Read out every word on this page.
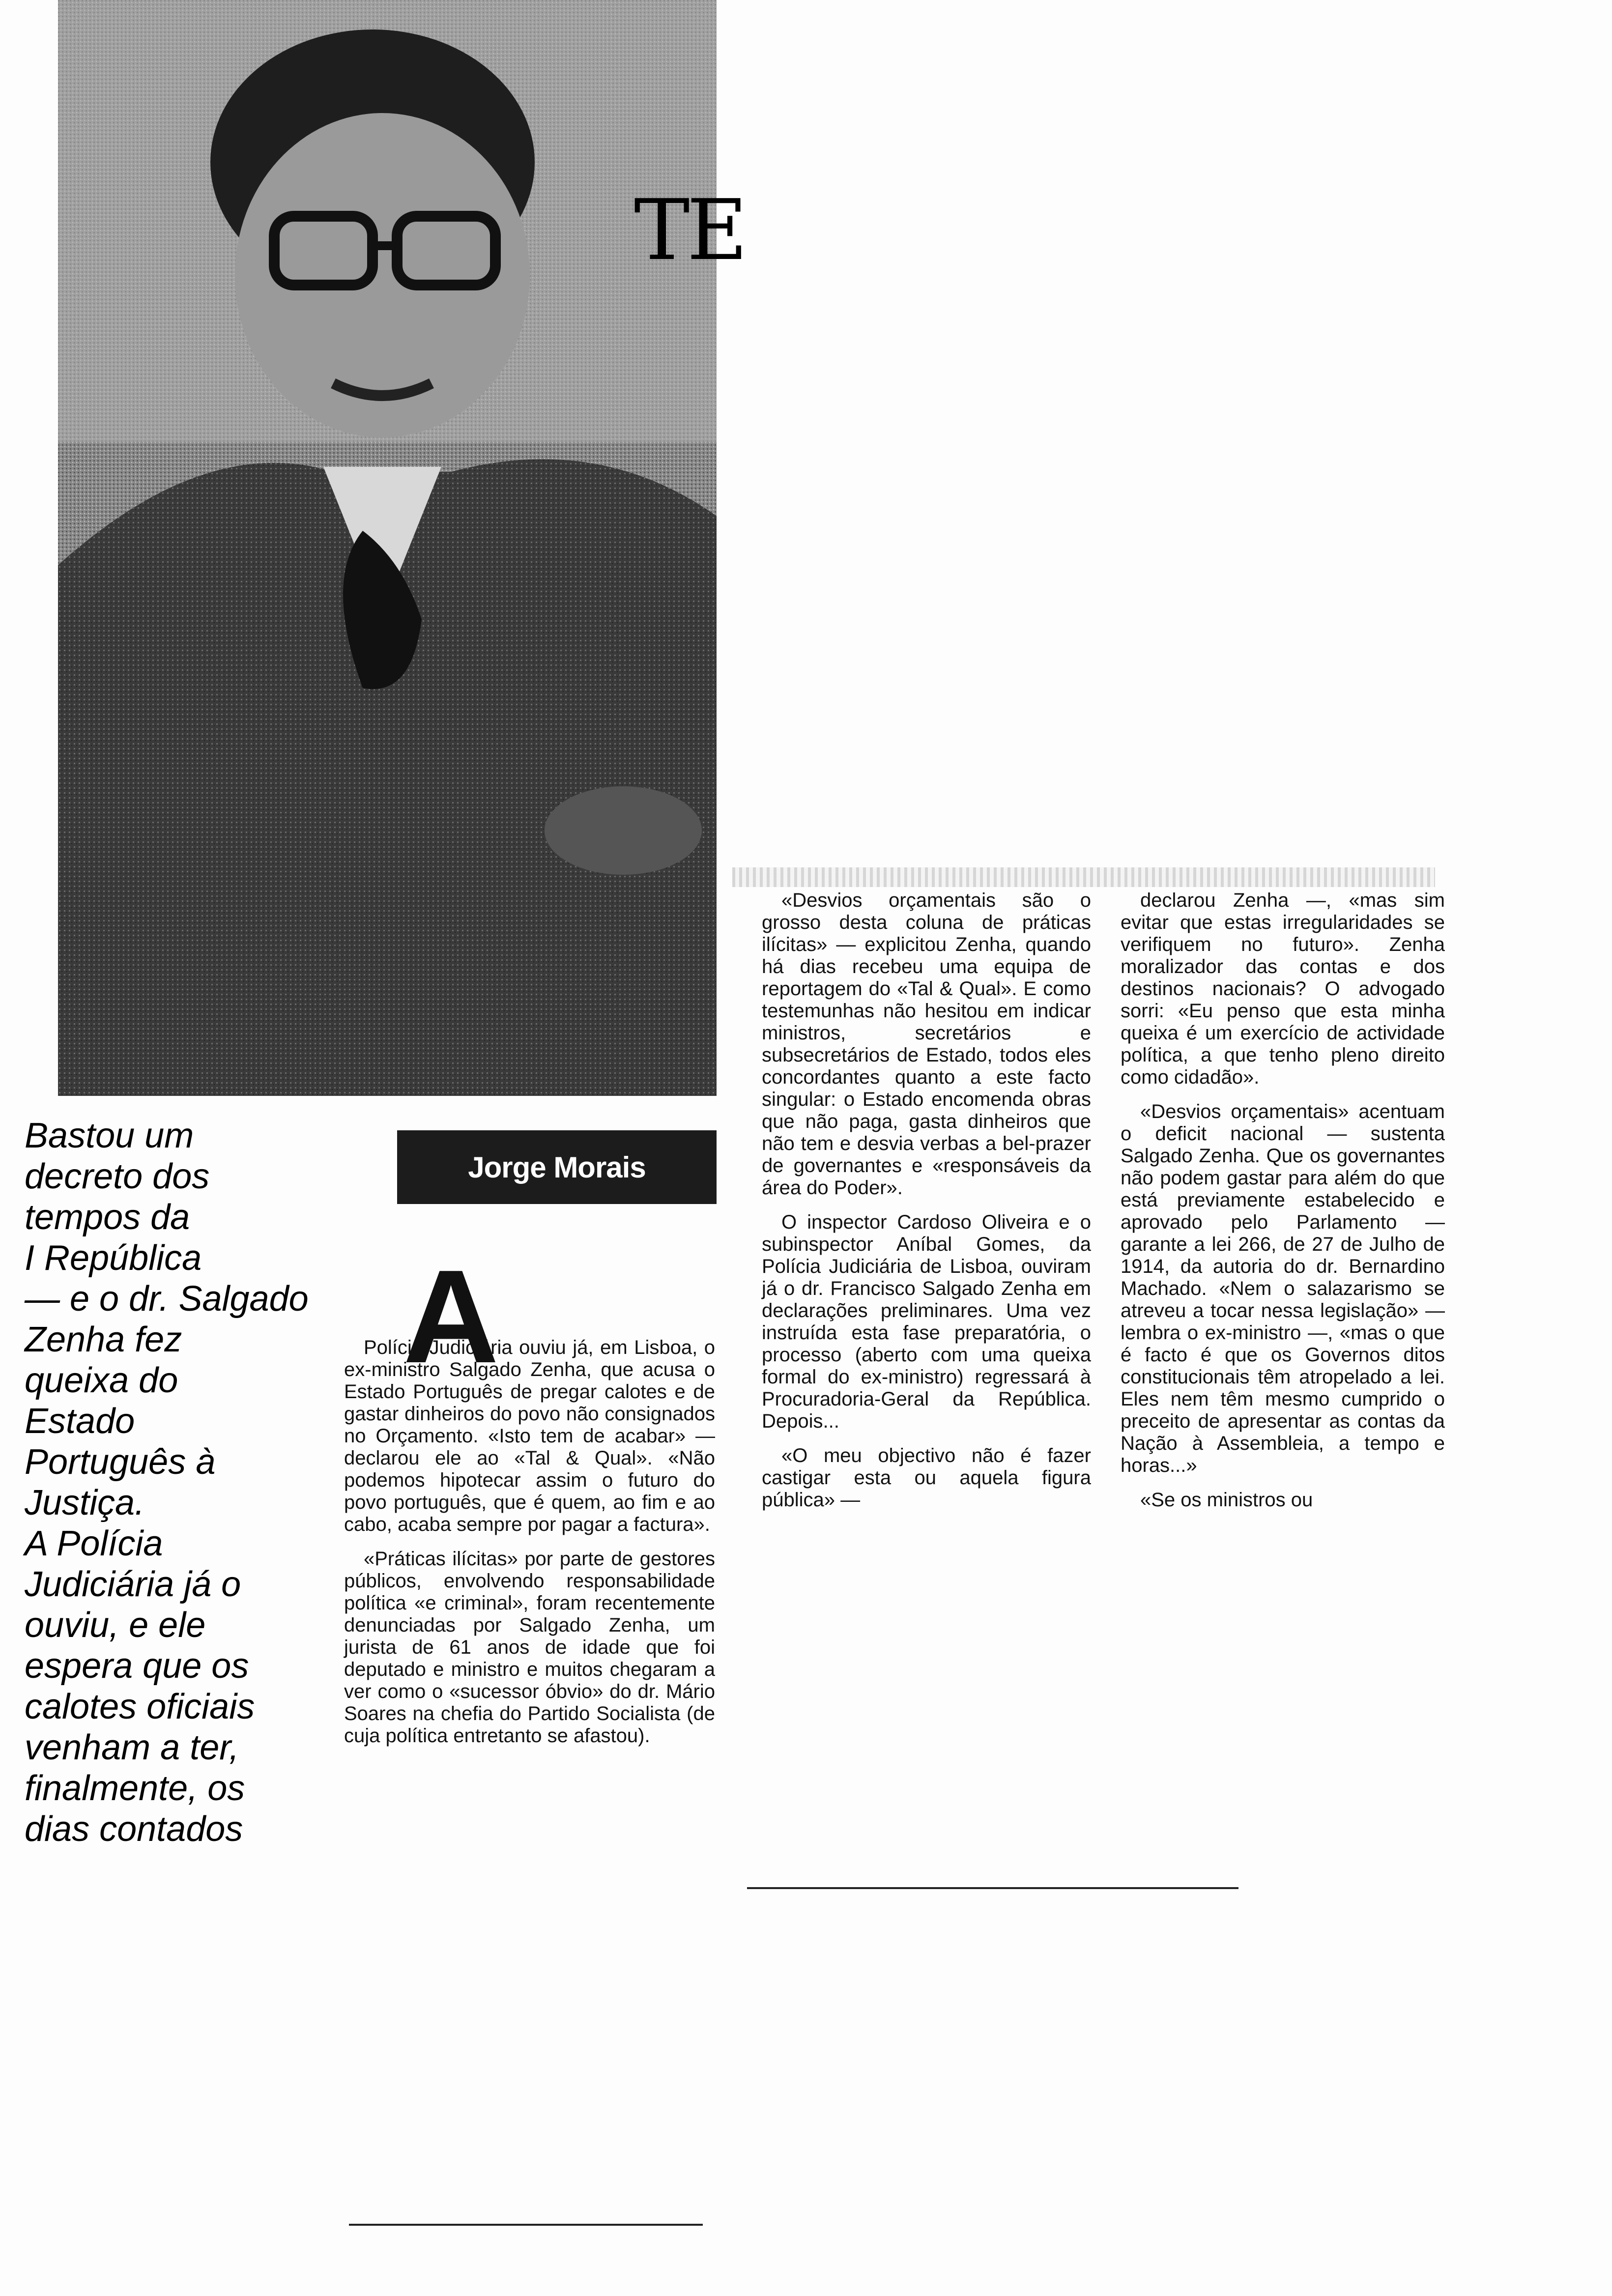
TE
Bastou um
decreto dos
tempos da
I República
— e o dr. Salgado
Zenha fez
queixa do
Estado
Português à
Justiça.
A Polícia
Judiciária já o
ouviu, e ele
espera que os
calotes oficiais
venham a ter,
finalmente, os
dias contados
Jorge Morais
A

Polícia Judiciária ouviu já, em Lisboa, o ex-ministro Salgado Zenha, que acusa o Estado Português de pregar calotes e de gastar dinheiros do povo não consignados no Orçamento. «Isto tem de acabar» — declarou ele ao «Tal & Qual». «Não podemos hipotecar assim o futuro do povo português, que é quem, ao fim e ao cabo, acaba sempre por pagar a factura».

«Práticas ilícitas» por parte de gestores públicos, envolvendo responsabilidade política «e criminal», foram recentemente denunciadas por Salgado Zenha, um jurista de 61 anos de idade que foi deputado e ministro e muitos chegaram a ver como o «sucessor óbvio» do dr. Mário Soares na chefia do Partido Socialista (de cuja política entretanto se afastou).

«Desvios orçamentais são o grosso desta coluna de práticas ilícitas» — explicitou Zenha, quando há dias recebeu uma equipa de reportagem do «Tal & Qual». E como testemunhas não hesitou em indicar ministros, secretários e subsecretários de Estado, todos eles concordantes quanto a este facto singular: o Estado encomenda obras que não paga, gasta dinheiros que não tem e desvia verbas a bel-prazer de governantes e «responsáveis da área do Poder».

O inspector Cardoso Oliveira e o subinspector Aníbal Gomes, da Polícia Judiciária de Lisboa, ouviram já o dr. Francisco Salgado Zenha em declarações preliminares. Uma vez instruída esta fase preparatória, o processo (aberto com uma queixa formal do ex-ministro) regressará à Procuradoria-Geral da República. Depois...

«O meu objectivo não é fazer castigar esta ou aquela figura pública» —

declarou Zenha —, «mas sim evitar que estas irregularidades se verifiquem no futuro». Zenha moralizador das contas e dos destinos nacionais? O advogado sorri: «Eu penso que esta minha queixa é um exercício de actividade política, a que tenho pleno direito como cidadão».

«Desvios orçamentais» acentuam o deficit nacional — sustenta Salgado Zenha. Que os governantes não podem gastar para além do que está previamente estabelecido e aprovado pelo Parlamento — garante a lei 266, de 27 de Julho de 1914, da autoria do dr. Bernardino Machado. «Nem o salazarismo se atreveu a tocar nessa legislação» — lembra o ex-ministro —, «mas o que é facto é que os Governos ditos constitucionais têm atropelado a lei. Eles nem têm mesmo cumprido o preceito de apresentar as contas da Nação à Assembleia, a tempo e horas...»

«Se os ministros ou
